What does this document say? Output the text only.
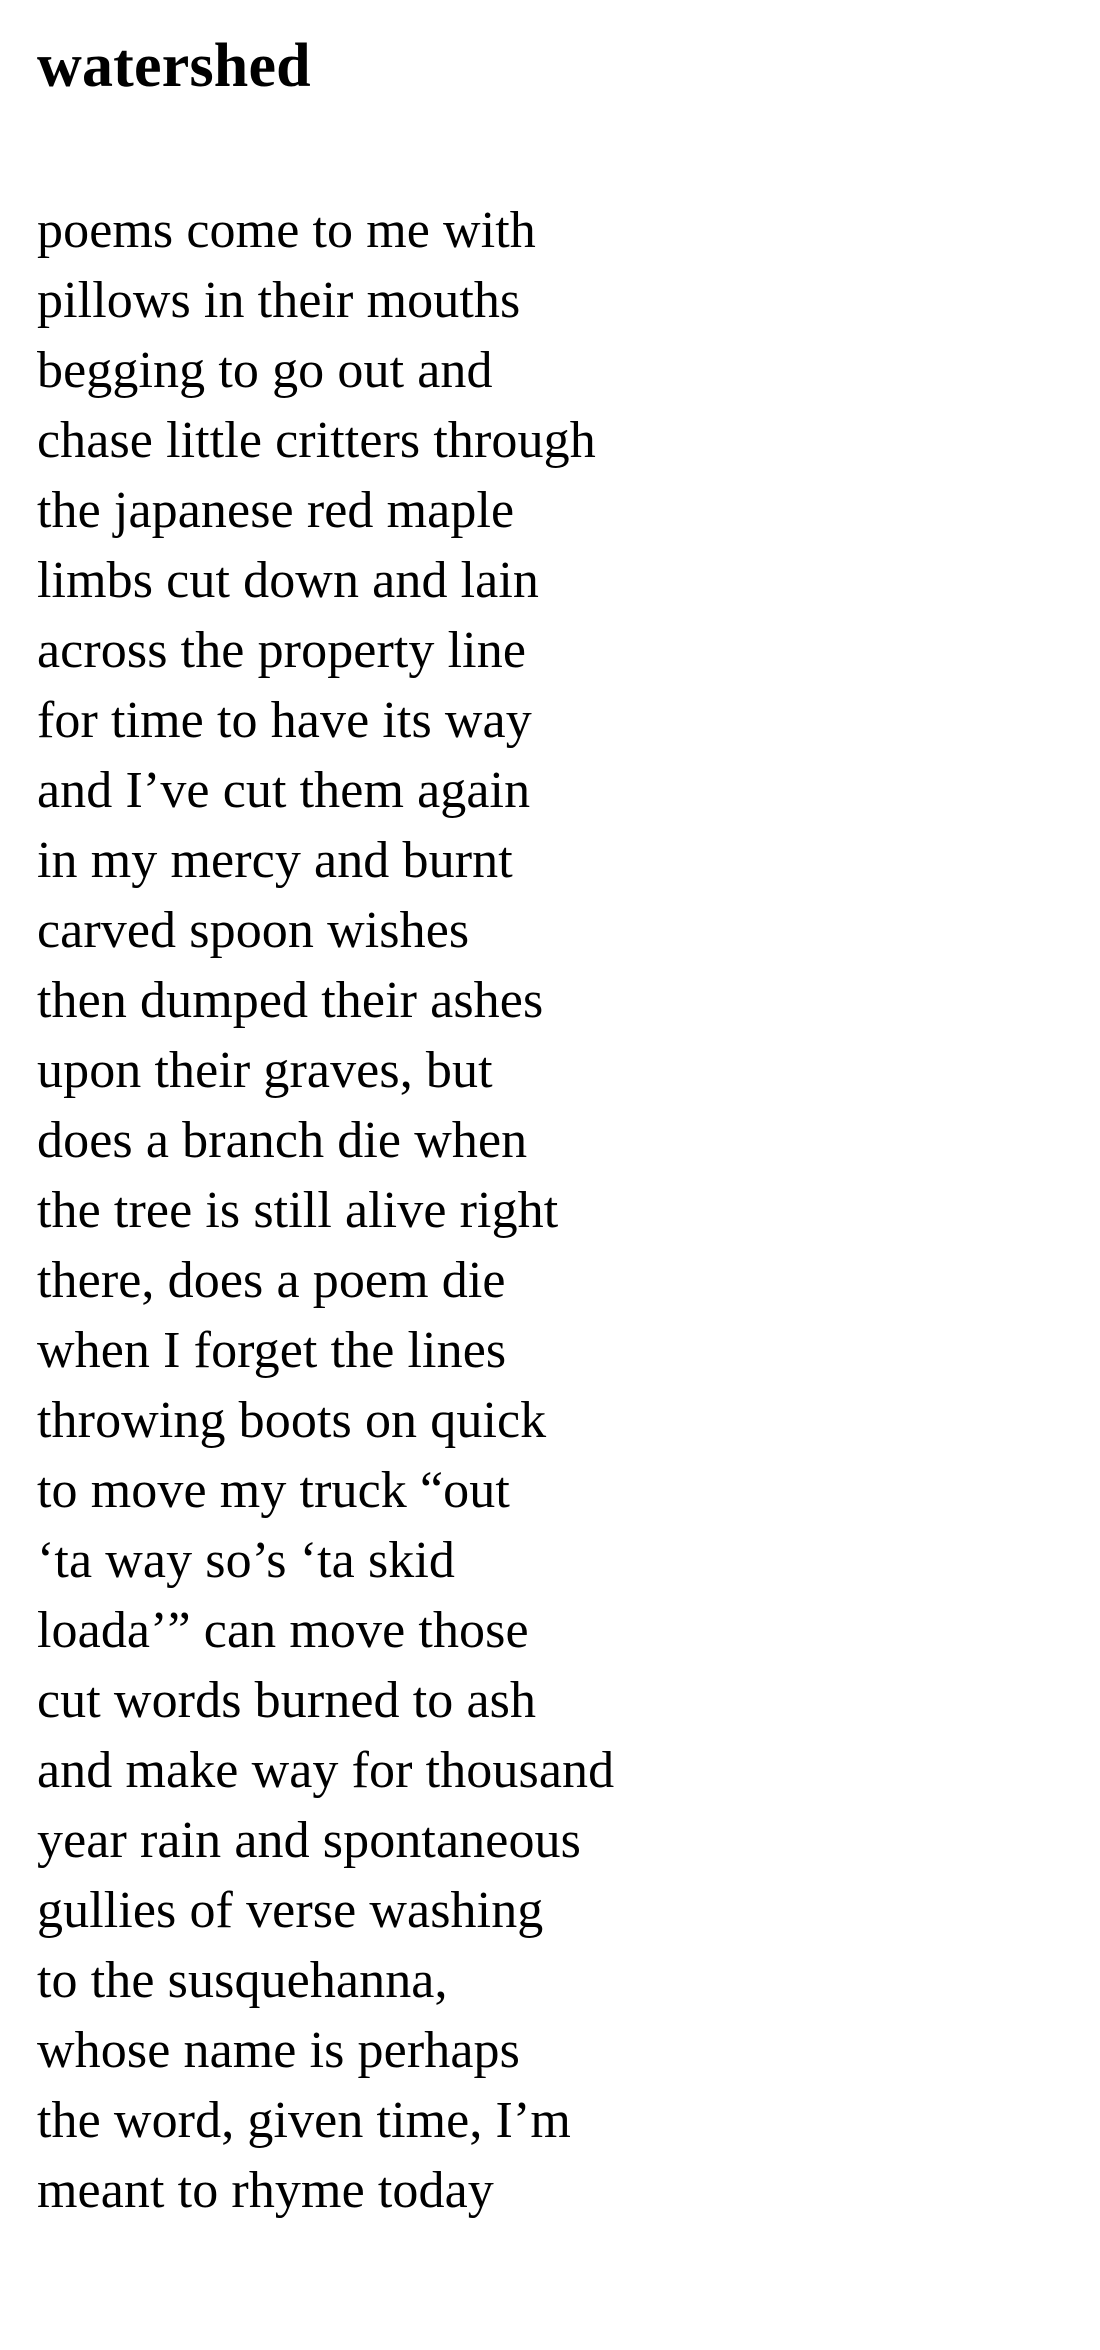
watershed
poems come to me with
pillows in their mouths
begging to go out and
chase little critters through
the japanese red maple
limbs cut down and lain
across the property line
for time to have its way
and I’ve cut them again
in my mercy and burnt
carved spoon wishes
then dumped their ashes
upon their graves, but
does a branch die when
the tree is still alive right
there, does a poem die
when I forget the lines
throwing boots on quick
to move my truck “out
‘ta way so’s ‘ta skid
loada’” can move those
cut words burned to ash
and make way for thousand
year rain and spontaneous
gullies of verse washing
to the susquehanna,
whose name is perhaps
the word, given time, I’m
meant to rhyme today
